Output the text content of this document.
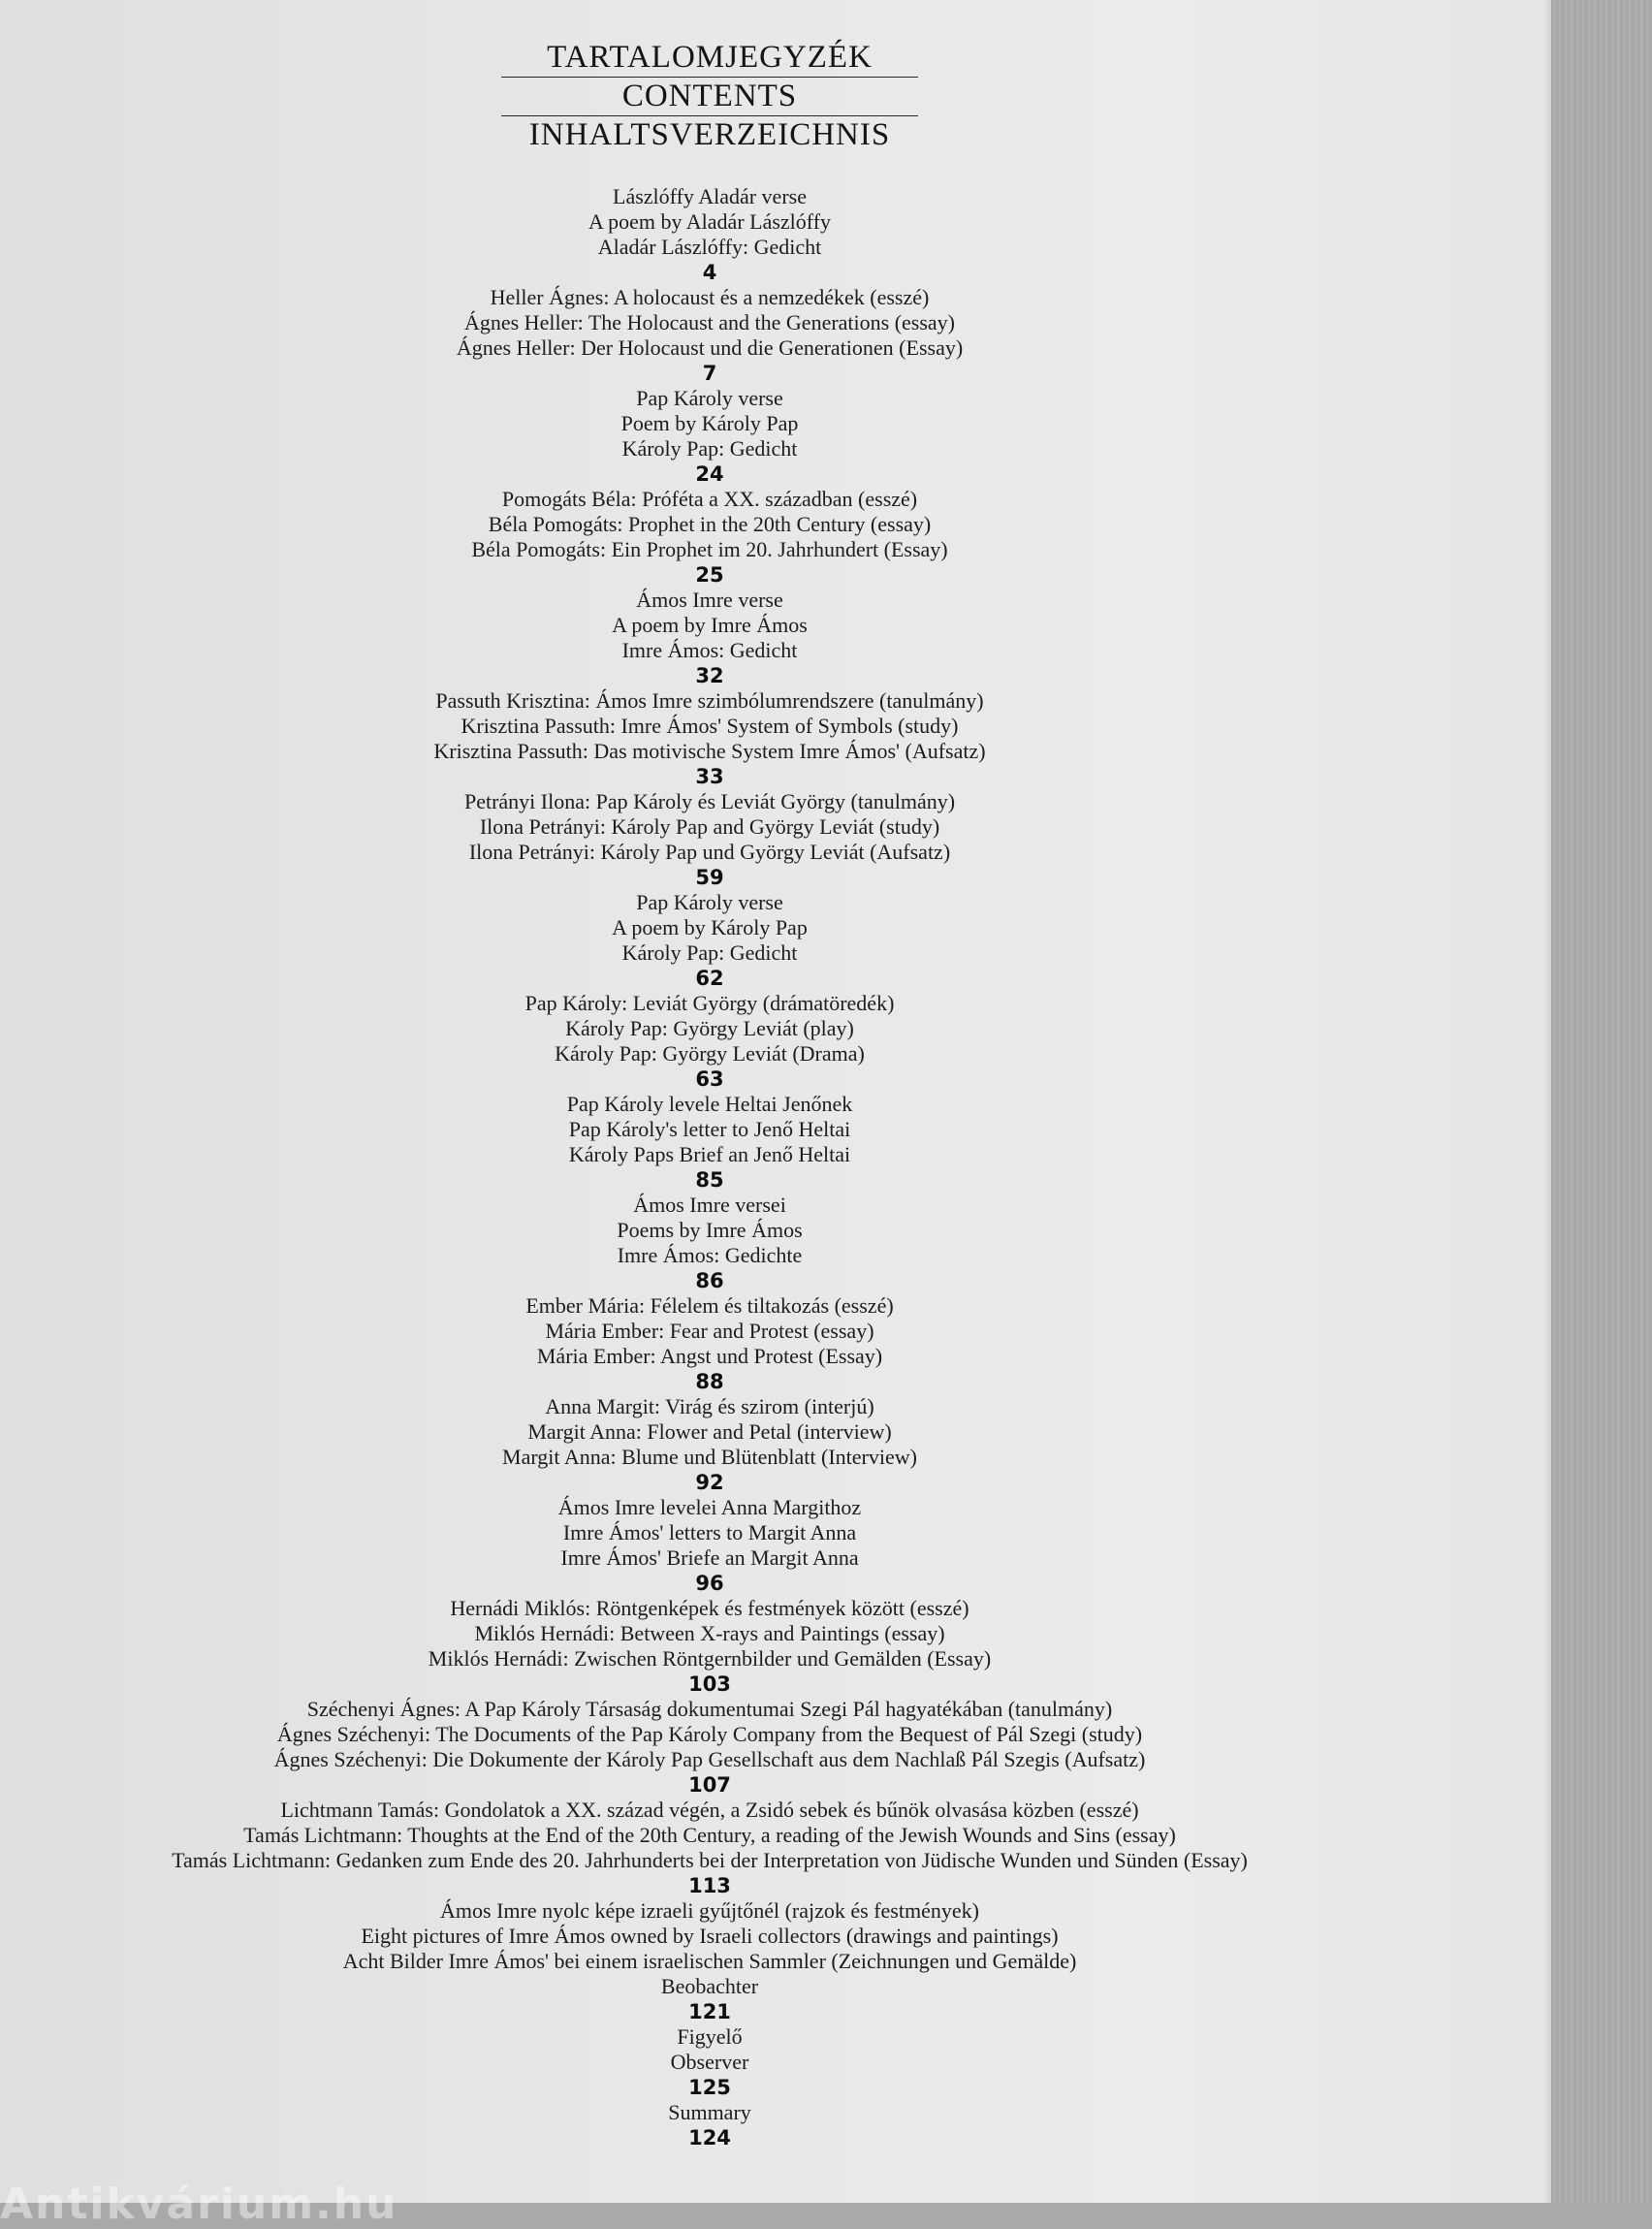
TARTALOMJEGYZÉK
CONTENTS
INHALTSVERZEICHNIS
Lászlóffy Aladár verse
A poem by Aladár Lászlóffy
Aladár Lászlóffy: Gedicht
4
Heller Ágnes: A holocaust és a nemzedékek (esszé)
Ágnes Heller: The Holocaust and the Generations (essay)
Ágnes Heller: Der Holocaust und die Generationen (Essay)
7
Pap Károly verse
Poem by Károly Pap
Károly Pap: Gedicht
24
Pomogáts Béla: Próféta a XX. században (esszé)
Béla Pomogáts: Prophet in the 20th Century (essay)
Béla Pomogáts: Ein Prophet im 20. Jahrhundert (Essay)
25
Ámos Imre verse
A poem by Imre Ámos
Imre Ámos: Gedicht
32
Passuth Krisztina: Ámos Imre szimbólumrendszere (tanulmány)
Krisztina Passuth: Imre Ámos' System of Symbols (study)
Krisztina Passuth: Das motivische System Imre Ámos' (Aufsatz)
33
Petrányi Ilona: Pap Károly és Leviát György (tanulmány)
Ilona Petrányi: Károly Pap and György Leviát (study)
Ilona Petrányi: Károly Pap und György Leviát (Aufsatz)
59
Pap Károly verse
A poem by Károly Pap
Károly Pap: Gedicht
62
Pap Károly: Leviát György (drámatöredék)
Károly Pap: György Leviát (play)
Károly Pap: György Leviát (Drama)
63
Pap Károly levele Heltai Jenőnek
Pap Károly's letter to Jenő Heltai
Károly Paps Brief an Jenő Heltai
85
Ámos Imre versei
Poems by Imre Ámos
Imre Ámos: Gedichte
86
Ember Mária: Félelem és tiltakozás (esszé)
Mária Ember: Fear and Protest (essay)
Mária Ember: Angst und Protest (Essay)
88
Anna Margit: Virág és szirom (interjú)
Margit Anna: Flower and Petal (interview)
Margit Anna: Blume und Blütenblatt (Interview)
92
Ámos Imre levelei Anna Margithoz
Imre Ámos' letters to Margit Anna
Imre Ámos' Briefe an Margit Anna
96
Hernádi Miklós: Röntgenképek és festmények között (esszé)
Miklós Hernádi: Between X-rays and Paintings (essay)
Miklós Hernádi: Zwischen Röntgernbilder und Gemälden (Essay)
103
Széchenyi Ágnes: A Pap Károly Társaság dokumentumai Szegi Pál hagyatékában (tanulmány)
Ágnes Széchenyi: The Documents of the Pap Károly Company from the Bequest of Pál Szegi (study)
Ágnes Széchenyi: Die Dokumente der Károly Pap Gesellschaft aus dem Nachlaß Pál Szegis (Aufsatz)
107
Lichtmann Tamás: Gondolatok a XX. század végén, a Zsidó sebek és bűnök olvasása közben (esszé)
Tamás Lichtmann: Thoughts at the End of the 20th Century, a reading of the Jewish Wounds and Sins (essay)
Tamás Lichtmann: Gedanken zum Ende des 20. Jahrhunderts bei der Interpretation von Jüdische Wunden und Sünden (Essay)
113
Ámos Imre nyolc képe izraeli gyűjtőnél (rajzok és festmények)
Eight pictures of Imre Ámos owned by Israeli collectors (drawings and paintings)
Acht Bilder Imre Ámos' bei einem israelischen Sammler (Zeichnungen und Gemälde)
Beobachter
121
Figyelő
Observer
125
Summary
124
Antikvárium.hu
